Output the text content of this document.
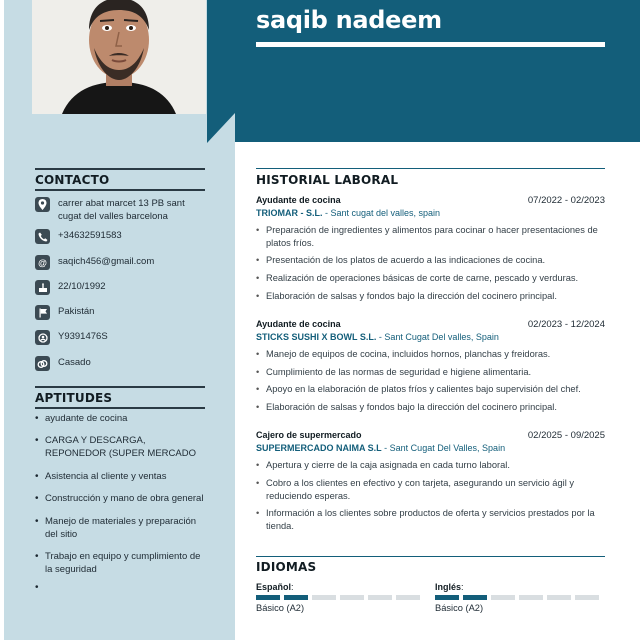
saqib nadeem
CONTACTO
carrer abat marcet 13 PB sant cugat del valles barcelona
+34632591583
@	saqich456@gmail.com
22/10/1992
Pakistán
Y9391476S
Casado
APTITUDES
• ayudante de cocina
• CARGA Y DESCARGA, REPONEDOR (SUPER MERCADO
• Asistencia al cliente y ventas
• Construcción y mano de obra general
• Manejo de materiales y preparación del sitio
• Trabajo en equipo y cumplimiento de la seguridad
•
HISTORIAL LABORAL
Ayudante de cocina	07/2022 - 02/2023
TRIOMAR - S.L. - Sant cugat del valles, spain
• Preparación de ingredientes y alimentos para cocinar o hacer presentaciones de platos fríos.
• Presentación de los platos de acuerdo a las indicaciones de cocina.
• Realización de operaciones básicas de corte de carne, pescado y verduras.
• Elaboración de salsas y fondos bajo la dirección del cocinero principal.
Ayudante de cocina	02/2023 - 12/2024
STICKS SUSHI X BOWL S.L. - Sant Cugat Del valles, Spain
• Manejo de equipos de cocina, incluidos hornos, planchas y freidoras.
• Cumplimiento de las normas de seguridad e higiene alimentaria.
• Apoyo en la elaboración de platos fríos y calientes bajo supervisión del chef.
• Elaboración de salsas y fondos bajo la dirección del cocinero principal.
Cajero de supermercado	02/2025 - 09/2025
SUPERMERCADO NAIMA S.L - Sant Cugat Del Valles, Spain
• Apertura y cierre de la caja asignada en cada turno laboral.
• Cobro a los clientes en efectivo y con tarjeta, asegurando un servicio ágil y reduciendo esperas.
• Información a los clientes sobre productos de oferta y servicios prestados por la tienda.
IDIOMAS
Español:
Básico (A2)
Inglés:
Básico (A2)
